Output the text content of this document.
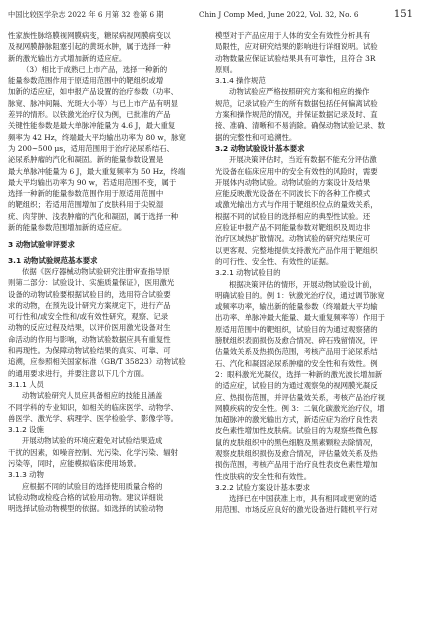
中国比较医学杂志 2022 年 6 月第 32 卷第 6 期	Chin J Comp Med, June 2022, Vol. 32, No. 6	151

性家族性脉络膜视网膜病变，糖尿病视网膜病变以

及视网膜静脉阻塞引起的黄斑水肿，属于选择一种

新的激光输出方式增加新的适应症。

（3）相比于成熟已上市产品，选择一种新的

能量参数范围作用于原适用范围中的靶组织或增

加新的适应症，如申报产品设置的治疗参数（功率、

脉宽、脉冲间隔、光斑大小等）与已上市产品有明显

差异的情形。以铁激光治疗仪为例，已批准的产品

关键性能参数是最大单脉冲能量为 4.6 J，最大重复

频率为 42 Hz，终端最大平均输出功率为 80 w，脉宽

为 200~500 μs，适用范围用于治疗泌尿系结石、

泌尿系肿瘤的汽化和凝固。新的能量参数设置是

最大单脉冲能量为 6 J，最大重复频率为 50 Hz，终端

最大平均输出功率为 90 w，若适用范围不变，属于

选择一种新的能量参数范围作用于原适用范围中

的靶组织；若适用范围增加了皮肤科用于尖锐湿

疣、肉芽肿、浅表肿瘤的汽化和凝固，属于选择一种

新的能量参数范围增加新的适应症。

3 动物试验审评要求

3.1 动物试验规范基本要求

依据《医疗器械动物试验研究注册审查指导原

则第二部分：试验设计、实施质量保证》，医用激光

设备的动物试验要根据试验目的，选用符合试验要

求的动物，在预先设计研究方案规定下，进行产品

可行性和/或安全性和/或有效性研究，观察、记录

动物的反应过程及结果，以评价医用激光设备对生

命活动的作用与影响，动物试验数据应具有重复性

和再现性。为保障动物试验结果的真实、可靠、可

追溯，应参照相关国家标准（GB/T 35823）动物试验

的通用要求进行，并要注意以下几个方面。

3.1.1 人员

动物试验研究人员应具备相应的技能且涵盖

不同学科的专业知识，如相关的临床医学、动物学、

兽医学、激光学、病理学、医学检验学、影像学等。

3.1.2 设施

开展动物试验的环境应避免对试验结果造成

干扰的因素，如噪音控制、光污染、化学污染、辐射

污染等，同时，应能模拟临床使用场景。

3.1.3 动物

应根据不同的试验目的选择使用质量合格的

试验动物或检疫合格的试验用动物。建议详细说

明选择试验动物模型的依据。如选择的试验动物

模型对于产品应用于人体的安全有效性分析具有

局限性，应对研究结果的影响进行详细说明。试验

动物数量应保证试验结果具有可靠性，且符合 3R

原则。

3.1.4 操作规范

动物试验应严格按照研究方案和相应的操作

规范，记录试验产生的所有数据包括任何偏离试验

方案和操作规范的情况，并保证数据记录及时、直

接、准确、清晰和不易消除。确保动物试验记录、数

据的完整性和可追溯性。

3.2 动物试验设计基本要求

开展决策评估时，当近有数据不能充分评估激

光设备在临床应用中的安全有效性的风险时，需要

开展体内动物试验。动物试验的方案设计及结果

应能反映激光设备在不同波长下的各种工作模式

或激光输出方式与作用于靶组织位点的量效关系，

根据不同的试验目的选择相应的典型性试验。还

应验证申报产品不同能量参数对靶组织及周边非

治疗区域热扩散情况。动物试验的研究结果应可

以更客观、完整地提供支持激光产品作用于靶组织

的可行性、安全性、有效性的证据。

3.2.1 动物试验目的

根据决策评估的情形，开展动物试验设计前，

明确试验目的。例 1：钬激光治疗仪，通过调节脉宽

或频率功率，输出新的能量参数（终端最大平均输

出功率、单脉冲最大能量、最大重复频率等）作用于

原适用范围中的靶组织，试验目的为通过观察猪的

膀胱组织表面损伤及愈合情况、碎石残留情况，评

估量效关系及热损伤范围，考核产品用于泌尿系结

石、汽化和凝固泌尿系肿瘤的安全性和有效性。例

2：眼科激光光凝仪，选择一种新的激光波长增加新

的适应症，试验目的为通过观察兔的视网膜光凝反

应、热损伤范围，并评估量效关系，考核产品治疗视

网膜疾病的安全性。例 3：二氧化碳激光治疗仪，增

加超脉冲的激光输出方式，新适应症为治疗良性表

皮色素性增加性皮肤病。试验目的为观察些微色豚

鼠的皮肤组织中的黑色细胞及黑素颗粒去除情况，

观察皮肤组织损伤及愈合情况，评估量效关系及热

损伤范围，考核产品用于治疗良性表皮色素性增加

性皮肤病的安全性和有效性。

3.2.2 试验方案设计基本要求

选择已在中国获准上市，具有相同或更宽的适

用范围、市场反应良好的激光设备进行随机平行对
